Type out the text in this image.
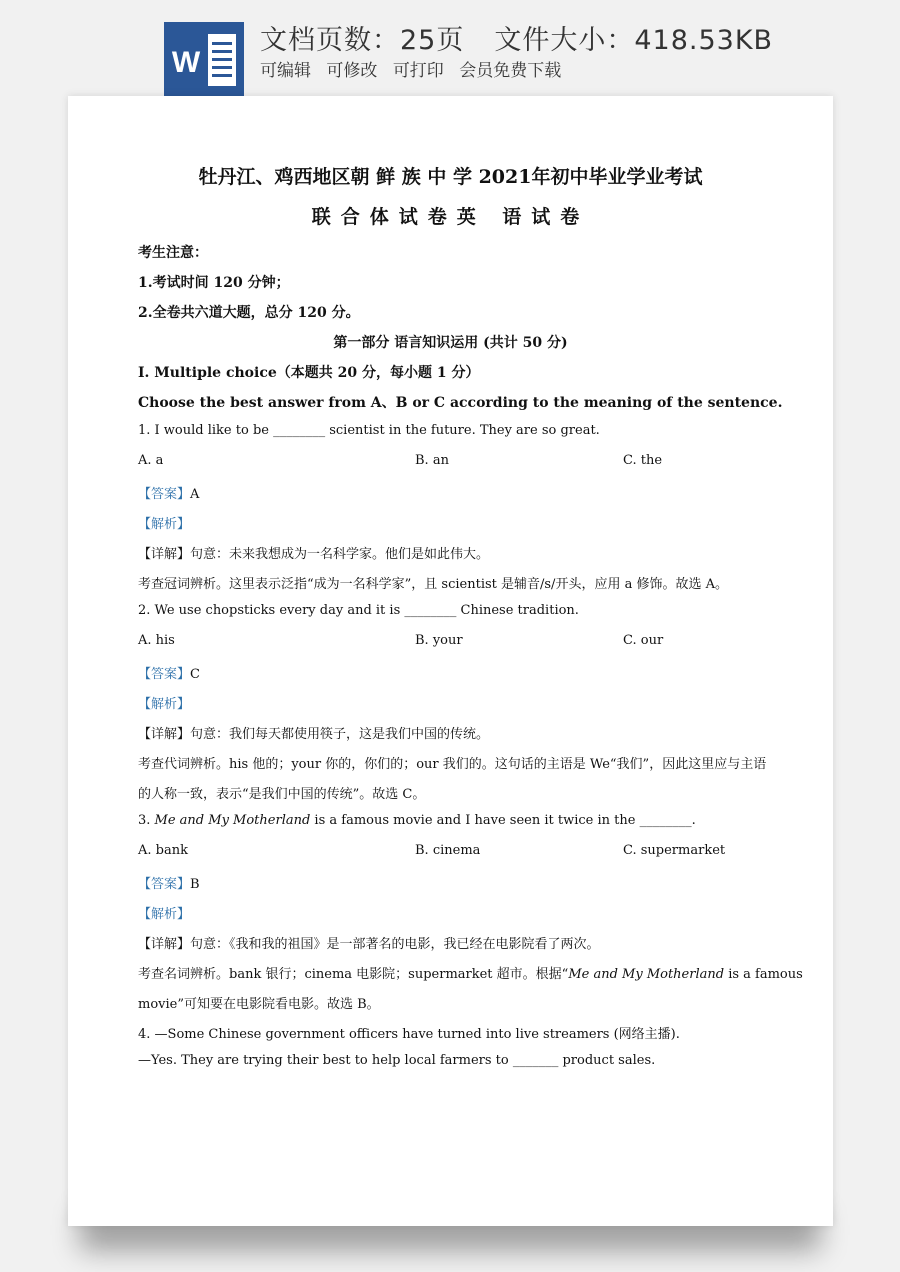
W
文档页数：25页 文件大小：418.53KB
可编辑 可修改 可打印 会员免费下载
牡丹江、鸡西地区朝 鲜 族 中 学 2021年初中毕业学业考试
联合体试卷英 语试卷
考生注意：
1.考试时间 120 分钟；
2.全卷共六道大题，总分 120 分。
第一部分 语言知识运用 (共计 50 分)
I. Multiple choice（本题共 20 分，每小题 1 分）
Choose the best answer from A、B or C according to the meaning of the sentence.
1. I would like to be ________ scientist in the future. They are so great.
A. a	B. an	C. the
【答案】A
【解析】
【详解】句意：未来我想成为一名科学家。他们是如此伟大。
考查冠词辨析。这里表示泛指“成为一名科学家”，且 scientist 是辅音/s/开头，应用 a 修饰。故选 A。
2. We use chopsticks every day and it is ________ Chinese tradition.
A. his	B. your	C. our
【答案】C
【解析】
【详解】句意：我们每天都使用筷子，这是我们中国的传统。
考查代词辨析。his 他的；your 你的，你们的；our 我们的。这句话的主语是 We“我们”，因此这里应与主语
的人称一致，表示“是我们中国的传统”。故选 C。
3. Me and My Motherland is a famous movie and I have seen it twice in the ________.
A. bank	B. cinema	C. supermarket
【答案】B
【解析】
【详解】句意：《我和我的祖国》是一部著名的电影，我已经在电影院看了两次。
考查名词辨析。bank 银行；cinema 电影院；supermarket 超市。根据“Me and My Motherland is a famous
movie”可知要在电影院看电影。故选 B。
4. —Some Chinese government officers have turned into live streamers (网络主播).
—Yes. They are trying their best to help local farmers to _______ product sales.
